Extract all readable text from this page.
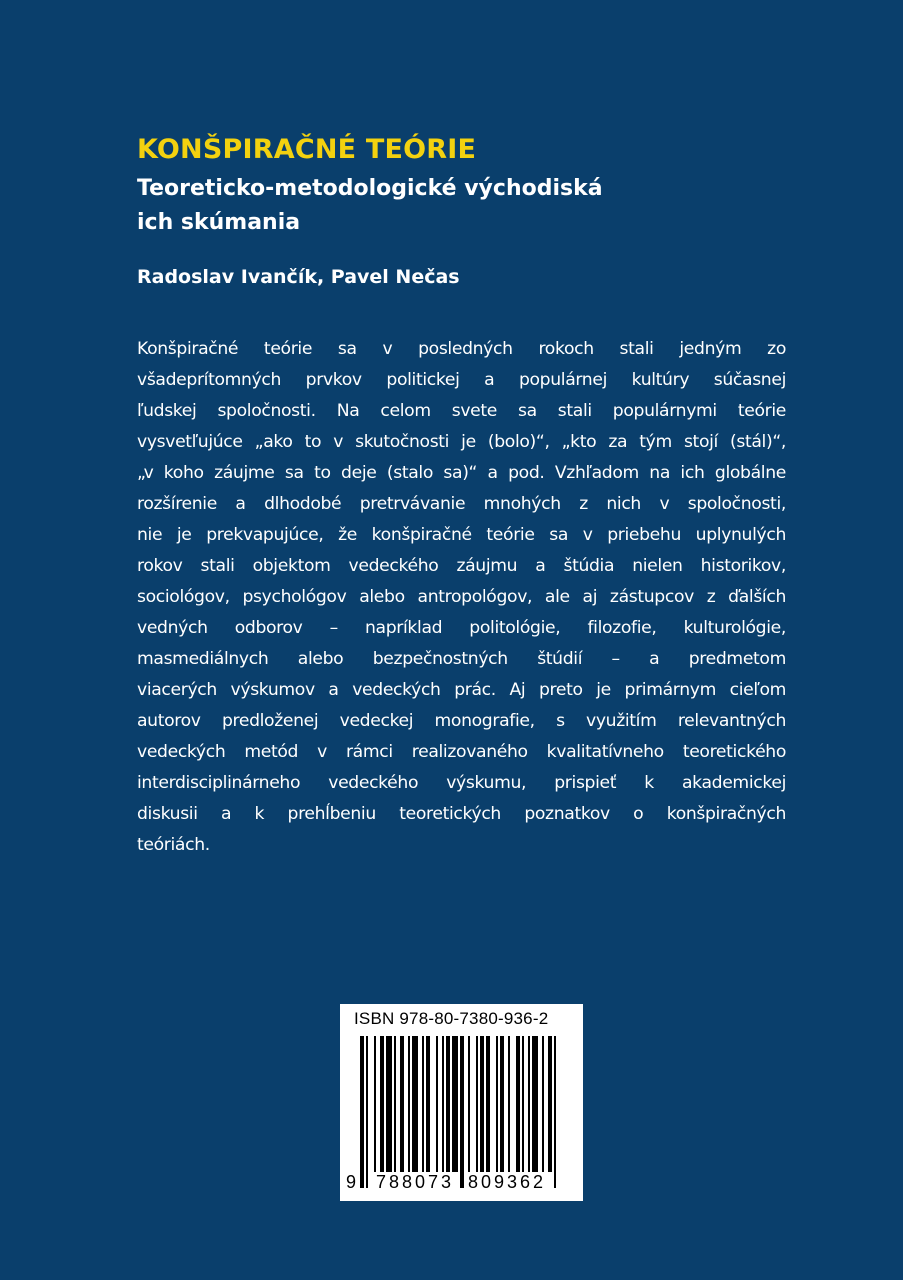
KONŠPIRAČNÉ TEÓRIE
Teoreticko-metodologické východiská
ich skúmania
Radoslav Ivančík, Pavel Nečas
Konšpiračné teórie sa v posledných rokoch stali jedným zo
všadeprítomných prvkov politickej a populárnej kultúry súčasnej
ľudskej spoločnosti. Na celom svete sa stali populárnymi teórie
vysvetľujúce „ako to v skutočnosti je (bolo)“, „kto za tým stojí (stál)“,
„v koho záujme sa to deje (stalo sa)“ a pod. Vzhľadom na ich globálne
rozšírenie a dlhodobé pretrvávanie mnohých z nich v spoločnosti,
nie je prekvapujúce, že konšpiračné teórie sa v priebehu uplynulých
rokov stali objektom vedeckého záujmu a štúdia nielen historikov,
sociológov, psychológov alebo antropológov, ale aj zástupcov z ďalších
vedných odborov – napríklad politológie, filozofie, kulturológie,
masmediálnych alebo bezpečnostných štúdií – a predmetom
viacerých výskumov a vedeckých prác. Aj preto je primárnym cieľom
autorov predloženej vedeckej monografie, s využitím relevantných
vedeckých metód v rámci realizovaného kvalitatívneho teoretického
interdisciplinárneho vedeckého výskumu, prispieť k akademickej
diskusii a k prehĺbeniu teoretických poznatkov o konšpiračných
teóriách.
ISBN 978-80-7380-936-2
9 788073 809362
